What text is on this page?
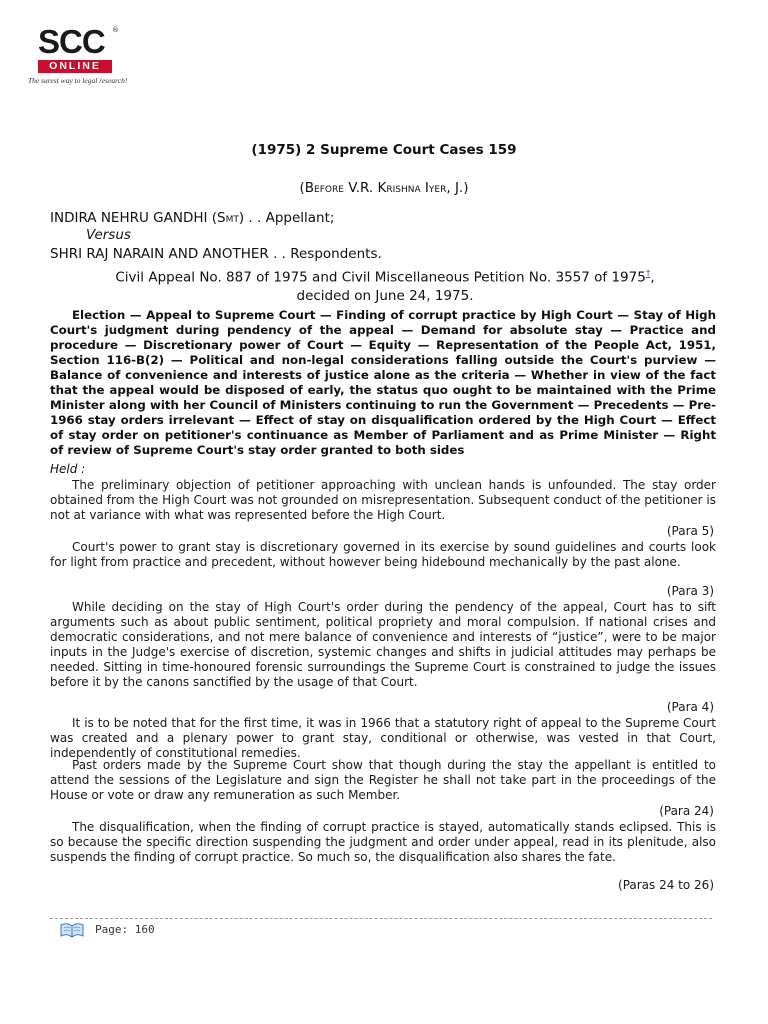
SCC ®
ONLINE
The surest way to legal research!
(1975) 2 Supreme Court Cases 159
(Before V.R. Krishna Iyer, J.)
INDIRA NEHRU GANDHI (Smt) . . Appellant;
Versus
SHRI RAJ NARAIN AND ANOTHER . . Respondents.
Civil Appeal No. 887 of 1975 and Civil Miscellaneous Petition No. 3557 of 1975†,
decided on June 24, 1975.

Election — Appeal to Supreme Court — Finding of corrupt practice by High Court — Stay of High Court's judgment during pendency of the appeal — Demand for absolute stay — Practice and procedure — Discretionary power of Court — Equity — Representation of the People Act, 1951, Section 116-B(2) — Political and non-legal considerations falling outside the Court's purview — Balance of convenience and interests of justice alone as the criteria — Whether in view of the fact that the appeal would be disposed of early, the status quo ought to be maintained with the Prime Minister along with her Council of Ministers continuing to run the Government — Precedents — Pre-1966 stay orders irrelevant — Effect of stay on disqualification ordered by the High Court — Effect of stay order on petitioner's continuance as Member of Parliament and as Prime Minister — Right of review of Supreme Court's stay order granted to both sides

Held :

The preliminary objection of petitioner approaching with unclean hands is unfounded. The stay order obtained from the High Court was not grounded on misrepresentation. Subsequent conduct of the petitioner is not at variance with what was represented before the High Court.

(Para 5)

Court's power to grant stay is discretionary governed in its exercise by sound guidelines and courts look for light from practice and precedent, without however being hidebound mechanically by the past alone.

(Para 3)

While deciding on the stay of High Court's order during the pendency of the appeal, Court has to sift arguments such as about public sentiment, political propriety and moral compulsion. If national crises and democratic considerations, and not mere balance of convenience and interests of “justice”, were to be major inputs in the Judge's exercise of discretion, systemic changes and shifts in judicial attitudes may perhaps be needed. Sitting in time-honoured forensic surroundings the Supreme Court is constrained to judge the issues before it by the canons sanctified by the usage of that Court.

(Para 4)

It is to be noted that for the first time, it was in 1966 that a statutory right of appeal to the Supreme Court was created and a plenary power to grant stay, conditional or otherwise, was vested in that Court, independently of constitutional remedies.

Past orders made by the Supreme Court show that though during the stay the appellant is entitled to attend the sessions of the Legislature and sign the Register he shall not take part in the proceedings of the House or vote or draw any remuneration as such Member.

(Para 24)

The disqualification, when the finding of corrupt practice is stayed, automatically stands eclipsed. This is so because the specific direction suspending the judgment and order under appeal, read in its plenitude, also suspends the finding of corrupt practice. So much so, the disqualification also shares the fate.

(Paras 24 to 26)
Page: 160
